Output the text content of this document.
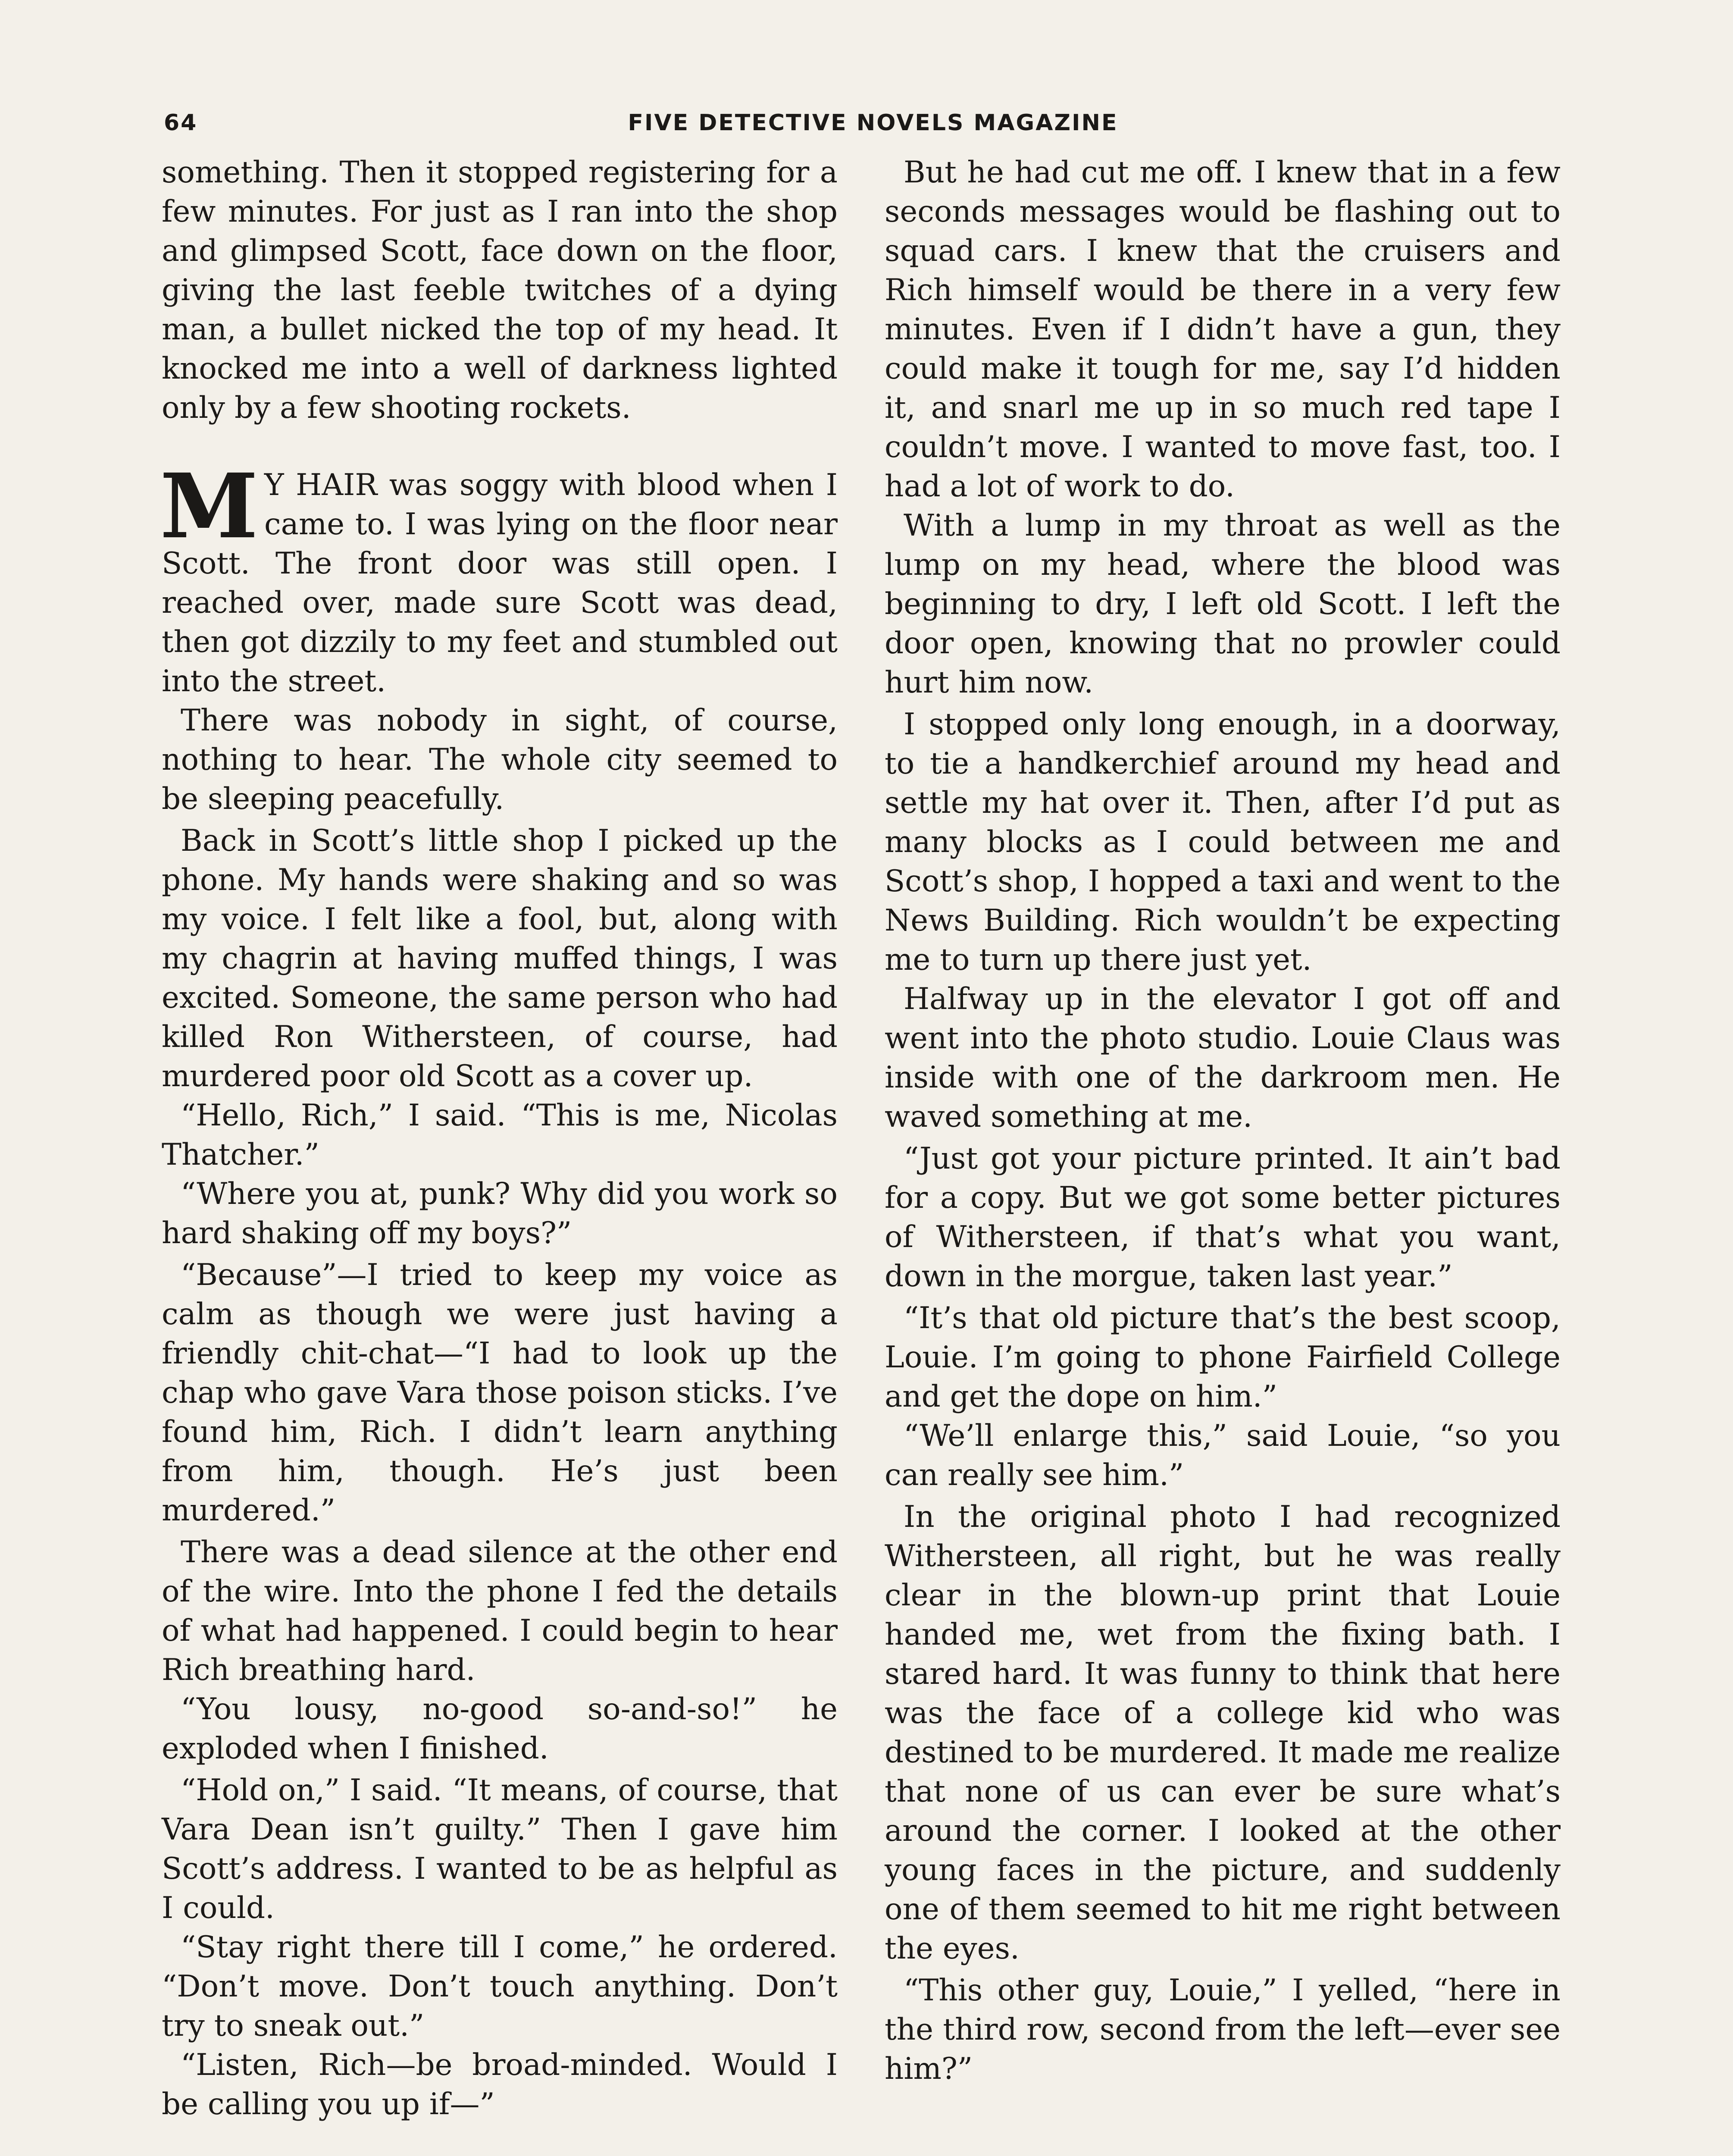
64	FIVE DETECTIVE NOVELS MAGAZINE

something. Then it stopped registering for a few minutes. For just as I ran into the shop and glimpsed Scott, face down on the floor, giving the last feeble twitches of a dying man, a bullet nicked the top of my head. It knocked me into a well of darkness lighted only by a few shooting rockets.

M Y HAIR was soggy with blood when I came to. I was lying on the floor near Scott. The front door was still open. I reached over, made sure Scott was dead, then got dizzily to my feet and stumbled out into the street.

There was nobody in sight, of course, nothing to hear. The whole city seemed to be sleeping peacefully.

Back in Scott’s little shop I picked up the phone. My hands were shaking and so was my voice. I felt like a fool, but, along with my chagrin at having muffed things, I was excited. Someone, the same person who had killed Ron Withersteen, of course, had murdered poor old Scott as a cover up.

“Hello, Rich,” I said. “This is me, Nicolas Thatcher.”

“Where you at, punk? Why did you work so hard shaking off my boys?”

“Because”—I tried to keep my voice as calm as though we were just having a friendly chit-chat—“I had to look up the chap who gave Vara those poison sticks. I’ve found him, Rich. I didn’t learn anything from him, though. He’s just been murdered.”

There was a dead silence at the other end of the wire. Into the phone I fed the details of what had happened. I could begin to hear Rich breathing hard.

“You lousy, no-good so-and-so!” he exploded when I finished.

“Hold on,” I said. “It means, of course, that Vara Dean isn’t guilty.” Then I gave him Scott’s address. I wanted to be as helpful as I could.

“Stay right there till I come,” he ordered. “Don’t move. Don’t touch anything. Don’t try to sneak out.”

“Listen, Rich—be broad-minded. Would I be calling you up if—”

But he had cut me off. I knew that in a few seconds messages would be flashing out to squad cars. I knew that the cruisers and Rich himself would be there in a very few minutes. Even if I didn’t have a gun, they could make it tough for me, say I’d hidden it, and snarl me up in so much red tape I couldn’t move. I wanted to move fast, too. I had a lot of work to do.

With a lump in my throat as well as the lump on my head, where the blood was beginning to dry, I left old Scott. I left the door open, knowing that no prowler could hurt him now.

I stopped only long enough, in a doorway, to tie a handkerchief around my head and settle my hat over it. Then, after I’d put as many blocks as I could between me and Scott’s shop, I hopped a taxi and went to the News Building. Rich wouldn’t be expecting me to turn up there just yet.

Halfway up in the elevator I got off and went into the photo studio. Louie Claus was inside with one of the darkroom men. He waved something at me.

“Just got your picture printed. It ain’t bad for a copy. But we got some better pictures of Withersteen, if that’s what you want, down in the morgue, taken last year.”

“It’s that old picture that’s the best scoop, Louie. I’m going to phone Fairfield College and get the dope on him.”

“We’ll enlarge this,” said Louie, “so you can really see him.”

In the original photo I had recognized Withersteen, all right, but he was really clear in the blown-up print that Louie handed me, wet from the fixing bath. I stared hard. It was funny to think that here was the face of a college kid who was destined to be murdered. It made me realize that none of us can ever be sure what’s around the corner. I looked at the other young faces in the picture, and suddenly one of them seemed to hit me right between the eyes.

“This other guy, Louie,” I yelled, “here in the third row, second from the left—ever see him?”
